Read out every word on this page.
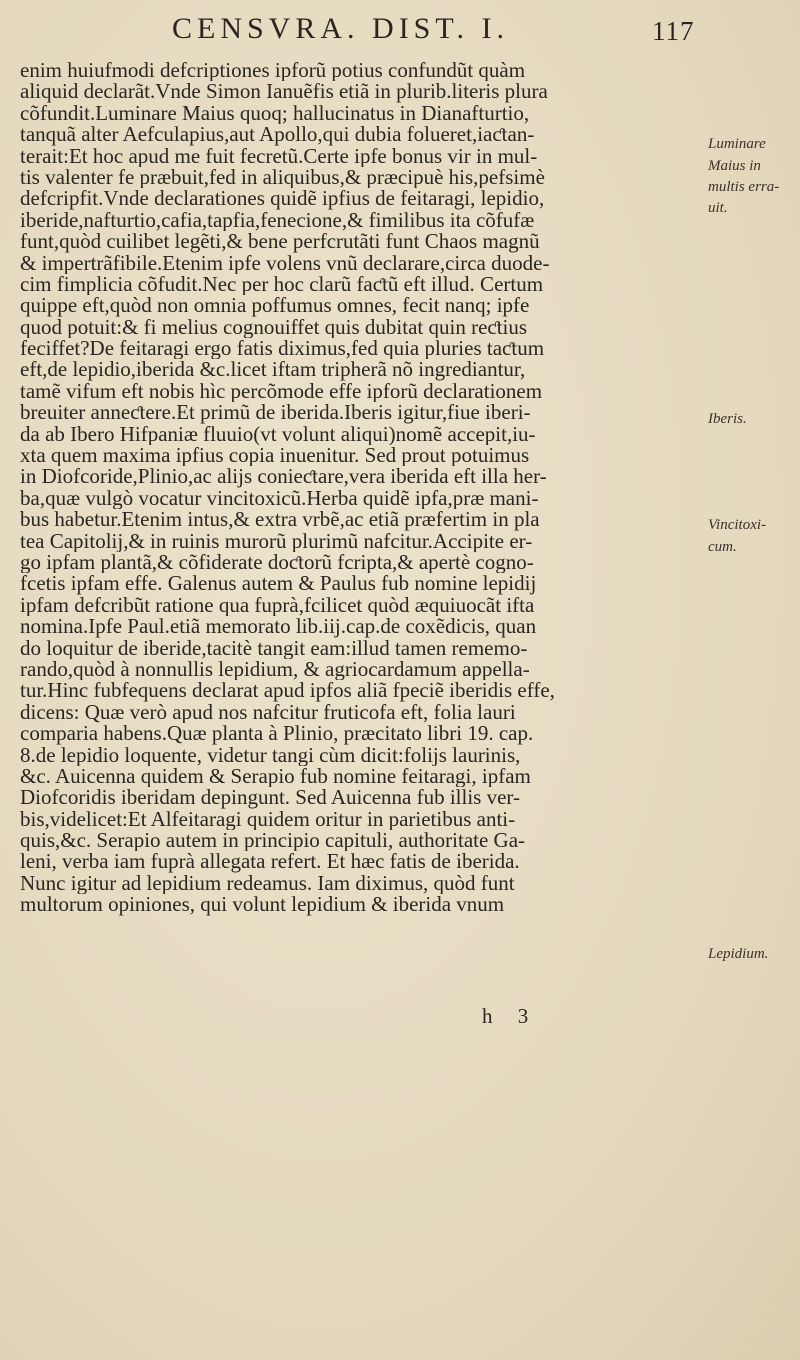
CENSVRA. DIST. I.	117
enim huiufmodi defcriptiones ipforũ potius confundũt quàm
aliquid declarãt.Vnde Simon Ianuẽfis etiã in plurib.literis plura
cõfundit.Luminare Maius quoq; hallucinatus in Dianafturtio,
tanquã alter Aefculapius,aut Apollo,qui dubia folueret,iaƈtan-
terait:Et hoc apud me fuit fecretũ.Certe ipfe bonus vir in mul-
tis valenter fe præbuit,fed in aliquibus,& præcipuè his,pefsimè
defcripfit.Vnde declarationes quidẽ ipfius de feitaragi, lepidio,
iberide,nafturtio,cafia,tapfia,fenecione,& fimilibus ita cõfufæ
funt,quòd cuilibet legẽti,& bene perfcrutãti funt Chaos magnũ
& impertrãfibile.Etenim ipfe volens vnũ declarare,circa duode-
cim fimplicia cõfudit.Nec per hoc clarũ faƈtũ eft illud. Certum
quippe eft,quòd non omnia poffumus omnes, fecit nanq; ipfe
quod potuit:& fi melius cognouiffet quis dubitat quin reƈtius
feciffet?De feitaragi ergo fatis diximus,fed quia pluries taƈtum
eft,de lepidio,iberida &c.licet iftam tripherã nõ ingrediantur,
tamẽ vifum eft nobis hìc percõmode effe ipforũ declarationem
breuiter anneƈtere.Et primũ de iberida.Iberis igitur,fiue iberi-
da ab Ibero Hifpaniæ fluuio(vt volunt aliqui)nomẽ accepit,iu-
xta quem maxima ipfius copia inuenitur. Sed prout potuimus
in Diofcoride,Plinio,ac alijs conieƈtare,vera iberida eft illa her-
ba,quæ vulgò vocatur vincitoxicũ.Herba quidẽ ipfa,præ mani-
bus habetur.Etenim intus,& extra vrbẽ,ac etiã præfertim in pla
tea Capitolij,& in ruinis murorũ plurimũ nafcitur.Accipite er-
go ipfam plantã,& cõfiderate doƈtorũ fcripta,& apertè cogno-
fcetis ipfam effe. Galenus autem & Paulus fub nomine lepidij
ipfam defcribũt ratione qua fuprà,fcilicet quòd æquiuocãt ifta
nomina.Ipfe Paul.etiã memorato lib.iij.cap.de coxẽdicis, quan
do loquitur de iberide,tacitè tangit eam:illud tamen rememo-
rando,quòd à nonnullis lepidium, & agriocardamum appella-
tur.Hinc fubfequens declarat apud ipfos aliã fpeciẽ iberidis effe,
dicens: Quæ verò apud nos nafcitur fruticofa eft, folia lauri
comparia habens.Quæ planta à Plinio, præcitato libri 19. cap.
8.de lepidio loquente, videtur tangi cùm dicit:folijs laurinis,
&c. Auicenna quidem & Serapio fub nomine feitaragi, ipfam
Diofcoridis iberidam depingunt. Sed Auicenna fub illis ver-
bis,videlicet:Et Alfeitaragi quidem oritur in parietibus anti-
quis,&c. Serapio autem in principio capituli, authoritate Ga-
leni, verba iam fuprà allegata refert. Et hæc fatis de iberida.
Nunc igitur ad lepidium redeamus. Iam diximus, quòd funt
multorum opiniones, qui volunt lepidium & iberida vnum
Luminare
Maius in
multis erra-
uit.
Iberis.
Vincitoxi-
cum.
Lepidium.
h 3
